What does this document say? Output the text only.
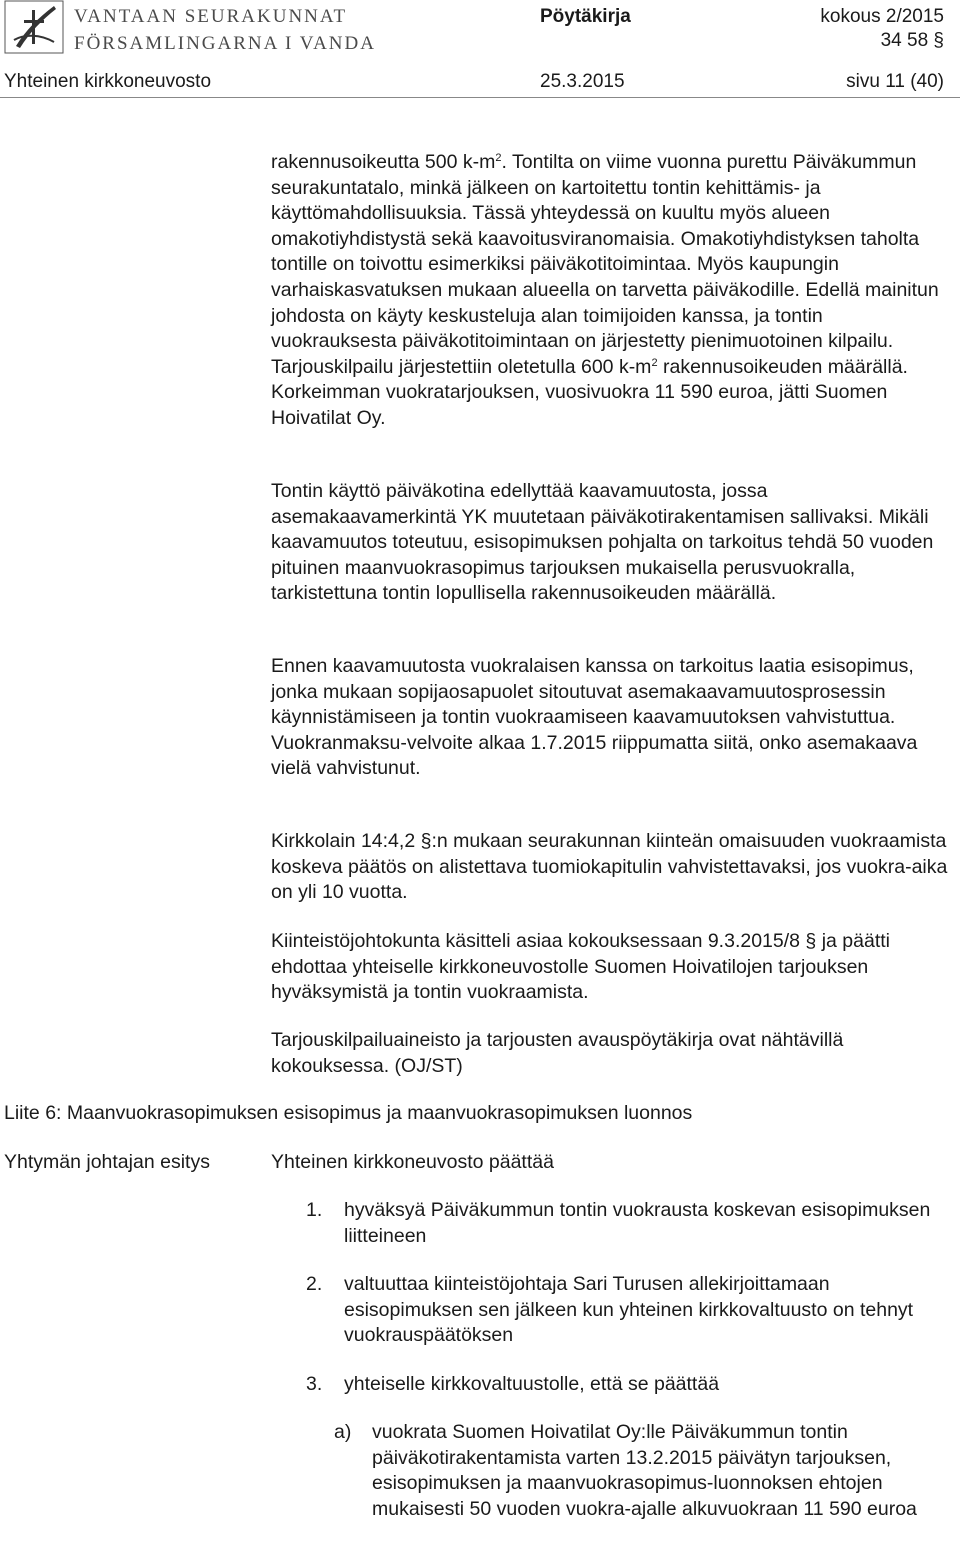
VANTAAN SEURAKUNNAT
FÖRSAMLINGARNA I VANDA
Pöytäkirja	kokous 2/2015
34 58 §
Yhteinen kirkkoneuvosto	25.3.2015	sivu 11 (40)
rakennusoikeutta 500 $k-m^2$. Tontilta on viime vuonna purettu Päiväkummun seurakuntatalo, minkä jälkeen on kartoitettu tontin kehittämis- ja käyttömahdollisuuksia. Tässä yhteydessä on kuultu myös alueen omakotiyhdistystä sekä kaavoitusviranomaisia. Omakotiyhdistyksen taholta tontille on toivottu esimerkiksi päiväkotitoimintaa. Myös kaupungin varhaiskasvatuksen mukaan alueella on tarvetta päiväkodille. Edellä mainitun johdosta on käyty keskusteluja alan toimijoiden kanssa, ja tontin vuokrauksesta päiväkotitoimintaan on järjestetty pienimuotoinen kilpailu. Tarjouskilpailu järjestettiin oletetulla 600 $k-m^2$ rakennusoikeuden määrällä. Korkeimman vuokratarjouksen, vuosivuokra 11 590 euroa, jätti Suomen Hoivatilat Oy.
Tontin käyttö päiväkotina edellyttää kaavamuutosta, jossa asemakaavamerkintä YK muutetaan päiväkotirakentamisen sallivaksi. Mikäli kaavamuutos toteutuu, esisopimuksen pohjalta on tarkoitus tehdä 50 vuoden pituinen maanvuokrasopimus tarjouksen mukaisella perusvuokralla, tarkistettuna tontin lopullisella rakennusoikeuden määrällä.
Ennen kaavamuutosta vuokralaisen kanssa on tarkoitus laatia esisopimus, jonka mukaan sopijaosapuolet sitoutuvat asemakaavamuutosprosessin käynnistämiseen ja tontin vuokraamiseen kaavamuutoksen vahvistuttua. Vuokranmaksu-velvoite alkaa 1.7.2015 riippumatta siitä, onko asemakaava vielä vahvistunut.
Kirkkolain 14:4,2 §:n mukaan seurakunnan kiinteän omaisuuden vuokraamista koskeva päätös on alistettava tuomiokapitulin vahvistettavaksi, jos vuokra-aika on yli 10 vuotta.
Kiinteistöjohtokunta käsitteli asiaa kokouksessaan 9.3.2015/8 § ja päätti ehdottaa yhteiselle kirkkoneuvostolle Suomen Hoivatilojen tarjouksen hyväksymistä ja tontin vuokraamista.
Tarjouskilpailuaineisto ja tarjousten avauspöytäkirja ovat nähtävillä kokouksessa. (OJ/ST)
Liite 6: Maanvuokrasopimuksen esisopimus ja maanvuokrasopimuksen luonnos
Yhtymän johtajan esitys	Yhteinen kirkkoneuvosto päättää
1. hyväksyä Päiväkummun tontin vuokrausta koskevan esisopimuksen liitteineen
2. valtuuttaa kiinteistöjohtaja Sari Turusen allekirjoittamaan esisopimuksen sen jälkeen kun yhteinen kirkkovaltuusto on tehnyt vuokrauspäätöksen
3. yhteiselle kirkkovaltuustolle, että se päättää
a) vuokrata Suomen Hoivatilat Oy:lle Päiväkummun tontin päiväkotirakentamista varten 13.2.2015 päivätyn tarjouksen, esisopimuksen ja maanvuokrasopimus-luonnoksen ehtojen mukaisesti 50 vuoden vuokra-ajalle alkuvuokraan 11 590 euroa
